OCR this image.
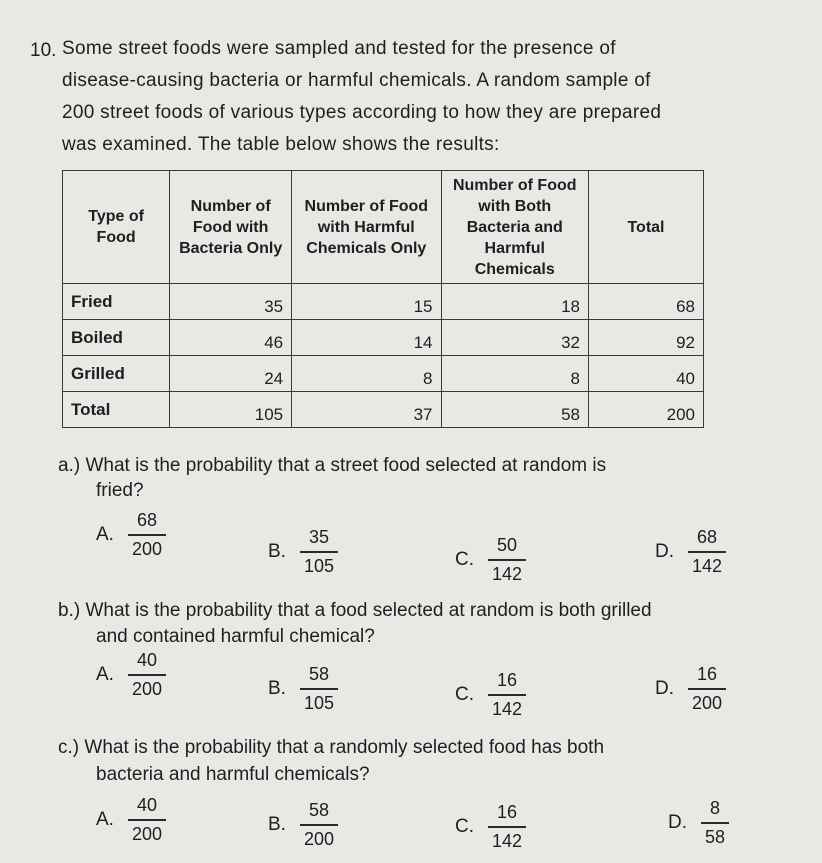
10. Some street foods were sampled and tested for the presence of
disease-causing bacteria or harmful chemicals. A random sample of
200 street foods of various types according to how they are prepared
was examined. The table below shows the results:
Type of Food	Number of Food with Bacteria Only	Number of Food with Harmful Chemicals Only	Number of Food with Both Bacteria and Harmful Chemicals	Total
Fried	35	15	18	68
Boiled	46	14	32	92
Grilled	24	8	8	40
Total	105	37	58	200
a.) What is the probability that a street food selected at random is
fried?
A. $\frac{68}{200}$	B. $\frac{35}{105}$	C. $\frac{50}{142}$	D. $\frac{68}{142}$
b.) What is the probability that a food selected at random is both grilled
and contained harmful chemical?
A. $\frac{40}{200}$	B. $\frac{58}{105}$	C. $\frac{16}{142}$	D. $\frac{16}{200}$
c.) What is the probability that a randomly selected food has both
bacteria and harmful chemicals?
A. $\frac{40}{200}$	B. $\frac{58}{200}$	C. $\frac{16}{142}$	D. $\frac{8}{58}$
